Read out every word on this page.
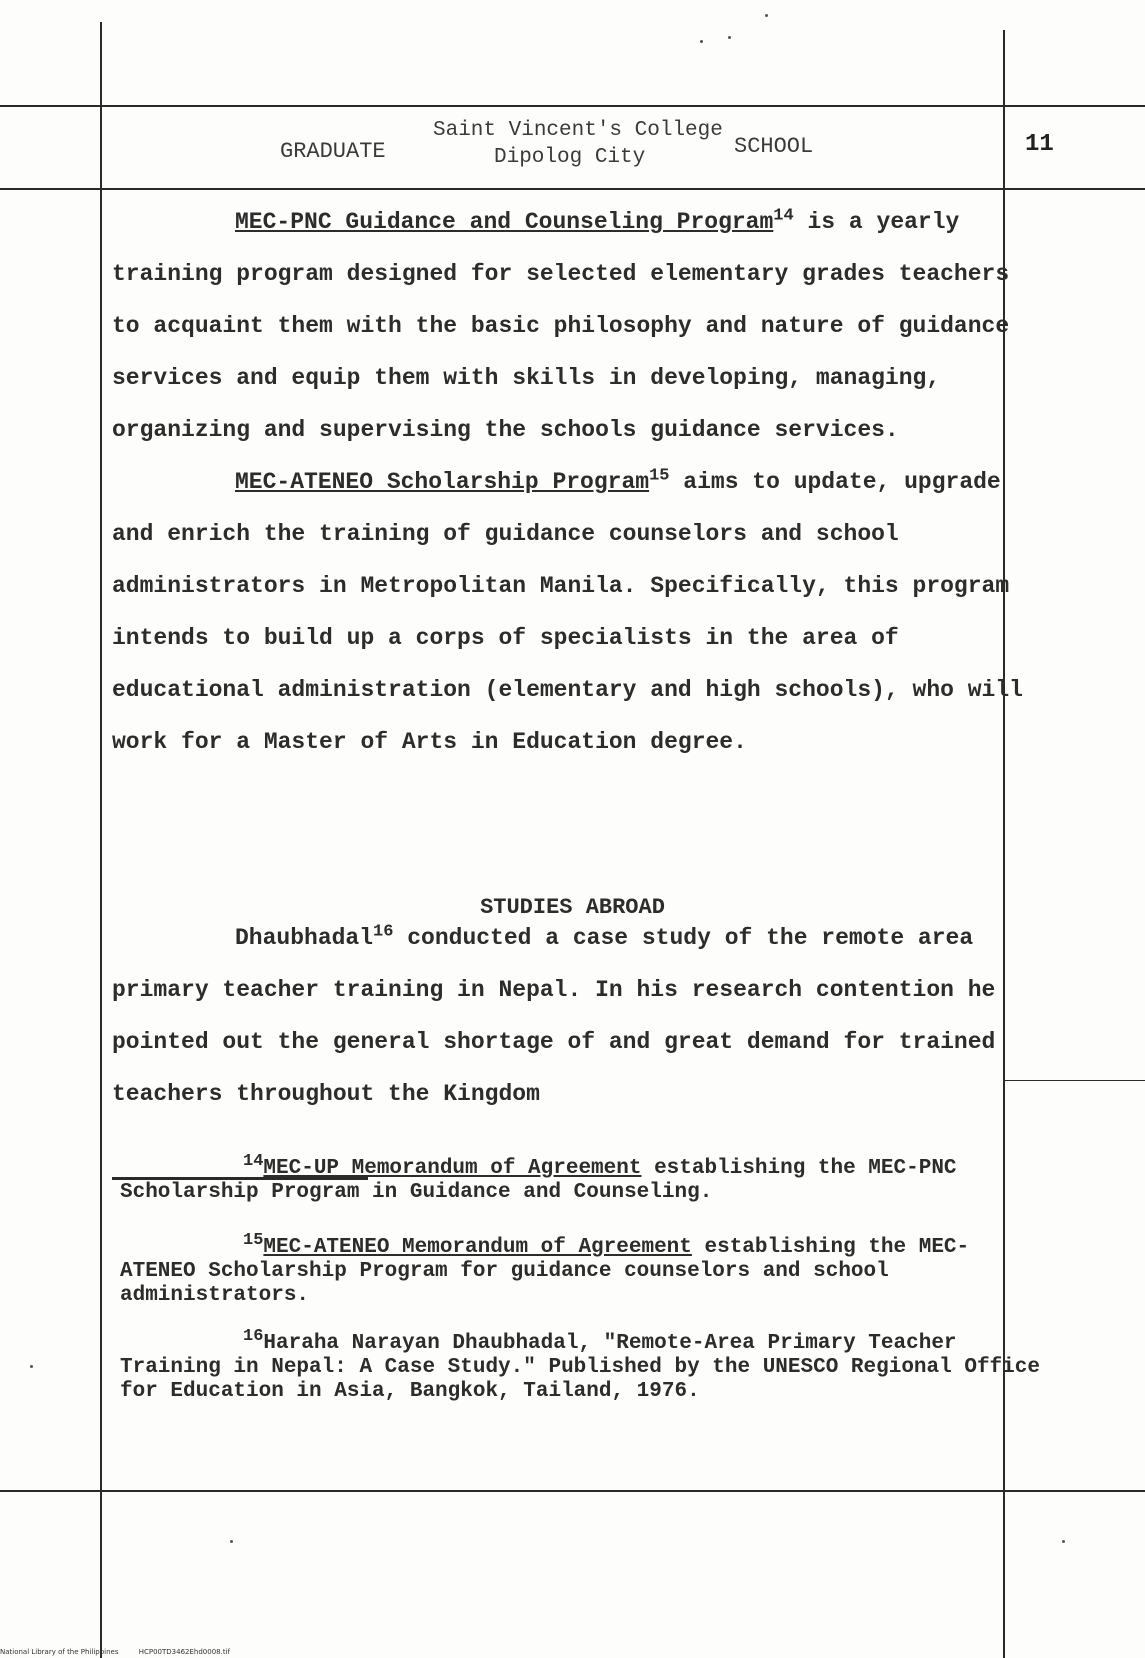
GRADUATE
Saint Vincent's College
Dipolog City	SCHOOL	11

MEC-PNC Guidance and Counseling Program$^{14}$ is a yearly training program designed for selected elementary grades teachers to acquaint them with the basic philosophy and nature of guidance services and equip them with skills in developing, managing, organizing and supervising the schools guidance services.

MEC-ATENEO Scholarship Program$^{15}$ aims to update, upgrade and enrich the training of guidance counselors and school administrators in Metropolitan Manila. Specifically, this program intends to build up a corps of specialists in the area of educational administration (elementary and high schools), who will work for a Master of Arts in Education degree.

STUDIES ABROAD

Dhaubhadal$^{16}$ conducted a case study of the remote area primary teacher training in Nepal. In his research contention he pointed out the general shortage of and great demand for trained teachers throughout the Kingdom

$^{14}$MEC-UP Memorandum of Agreement establishing the MEC-PNC Scholarship Program in Guidance and Counseling.
$^{15}$MEC-ATENEO Memorandum of Agreement establishing the MEC-ATENEO Scholarship Program for guidance counselors and school administrators.
$^{16}$Haraha Narayan Dhaubhadal, "Remote-Area Primary Teacher Training in Nepal: A Case Study." Published by the UNESCO Regional Office for Education in Asia, Bangkok, Tailand, 1976.
National Library of the Philippines	HCP00TD3462Ehd0008.tif
